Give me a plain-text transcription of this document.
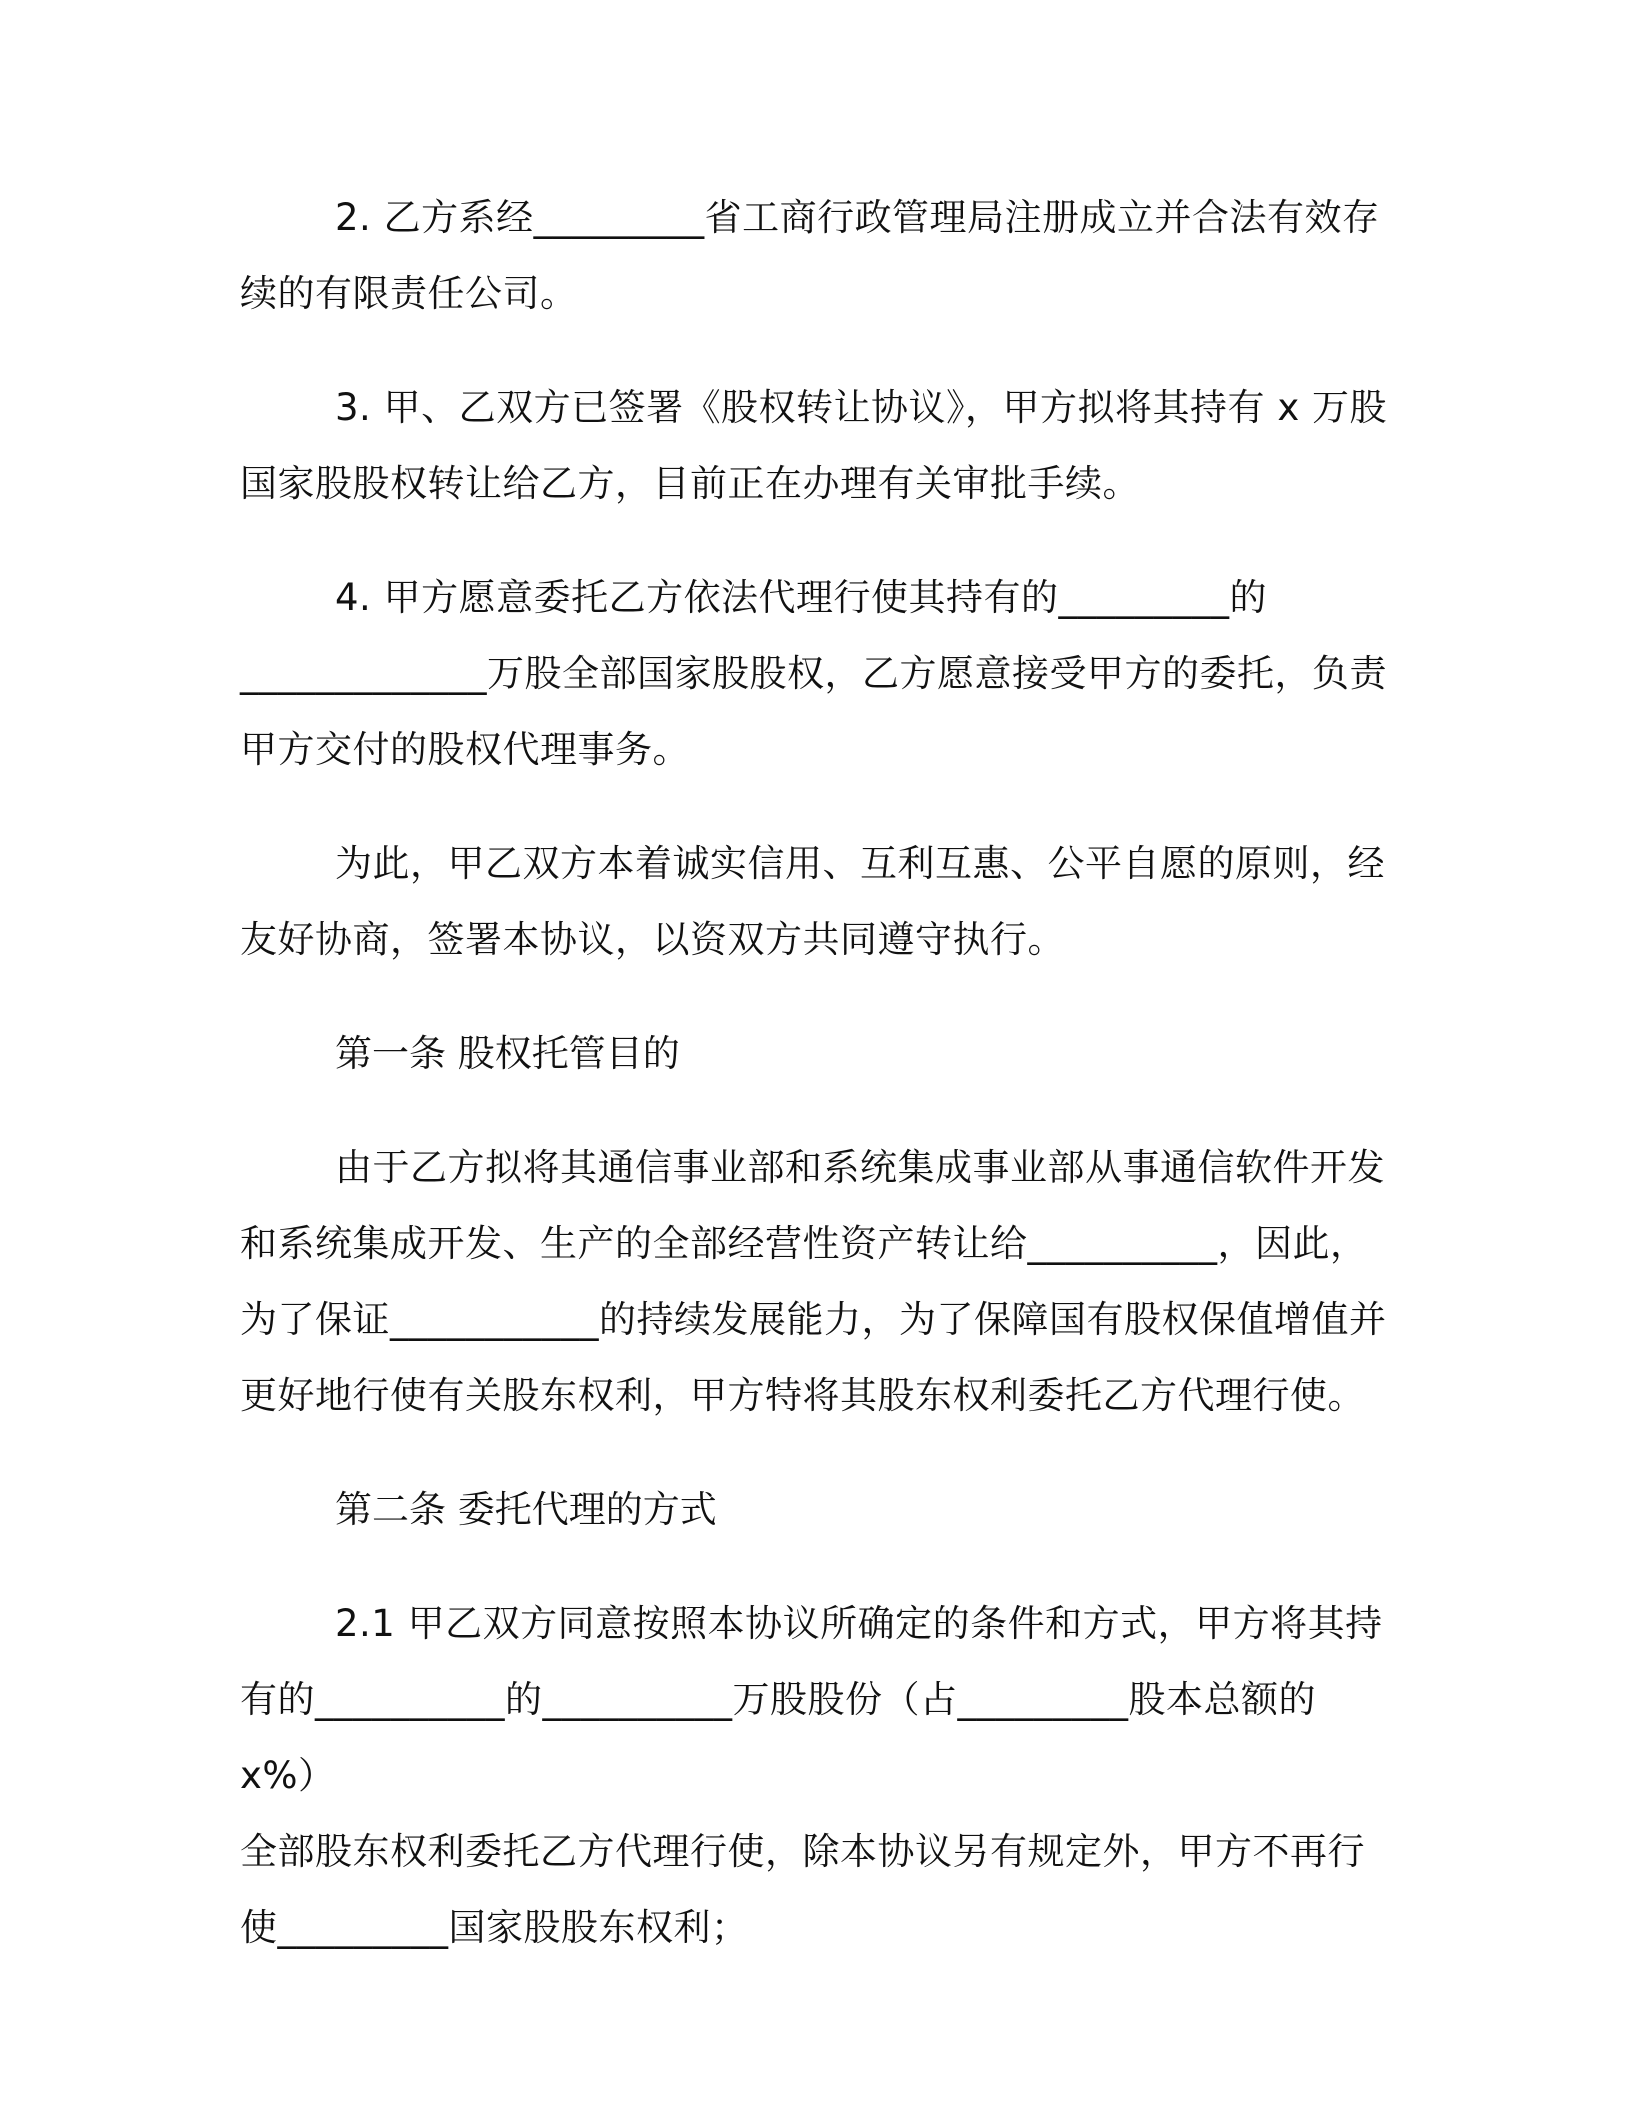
2. 乙方系经_________省工商行政管理局注册成立并合法有效存
续的有限责任公司。
3. 甲、乙双方已签署《股权转让协议》，甲方拟将其持有 x 万股
国家股股权转让给乙方，目前正在办理有关审批手续。
4. 甲方愿意委托乙方依法代理行使其持有的_________的
_____________万股全部国家股股权，乙方愿意接受甲方的委托，负责
甲方交付的股权代理事务。
为此，甲乙双方本着诚实信用、互利互惠、公平自愿的原则，经
友好协商，签署本协议，以资双方共同遵守执行。
第一条 股权托管目的
由于乙方拟将其通信事业部和系统集成事业部从事通信软件开发
和系统集成开发、生产的全部经营性资产转让给__________，因此，
为了保证___________的持续发展能力，为了保障国有股权保值增值并
更好地行使有关股东权利，甲方特将其股东权利委托乙方代理行使。
第二条 委托代理的方式
2.1 甲乙双方同意按照本协议所确定的条件和方式，甲方将其持
有的__________的__________万股股份（占_________股本总额的 x%）
全部股东权利委托乙方代理行使，除本协议另有规定外，甲方不再行
使_________国家股股东权利；
